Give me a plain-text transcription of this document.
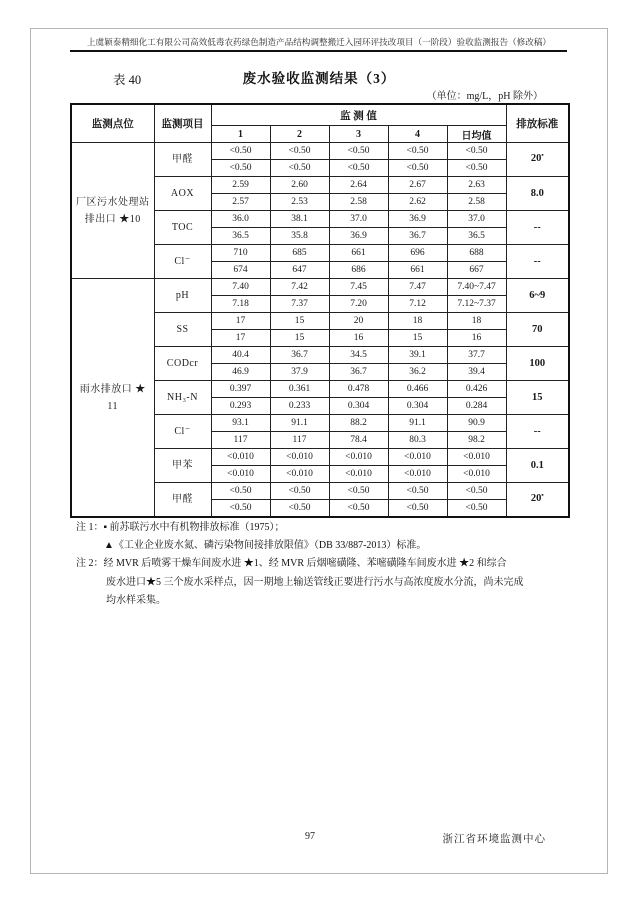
上虞颖泰精细化工有限公司高效低毒农药绿色制造产品结构调整搬迁入园环评技改项目（一阶段）验收监测报告（修改稿）
废水验收监测结果（3）
表 40
（单位：mg/L，pH 除外）
监测点位	监测项目	监 测 值					排放标准
		1	2	3	4	日均值	

厂区污水处理站
排出口 ★10	甲醛	<0.50	<0.50	<0.50	<0.50	<0.50	20▪
		<0.50	<0.50	<0.50	<0.50	<0.50	
	AOX	2.59	2.60	2.64	2.67	2.63	8.0
		2.57	2.53	2.58	2.62	2.58	
	TOC	36.0	38.1	37.0	36.9	37.0	--
		36.5	35.8	36.9	36.7	36.5	
	Cl⁻	710	685	661	696	688	--
		674	647	686	661	667	

雨水排放口 ★
11	pH	7.40	7.42	7.45	7.47	7.40~7.47	6~9
		7.18	7.37	7.20	7.12	7.12~7.37	
	SS	17	15	20	18	18	70
		17	15	16	15	16	
	CODcr	40.4	36.7	34.5	39.1	37.7	100
		46.9	37.9	36.7	36.2	39.4	
	NH₃-N	0.397	0.361	0.478	0.466	0.426	15
		0.293	0.233	0.304	0.304	0.284	
	Cl⁻	93.1	91.1	88.2	91.1	90.9	--
		117	117	78.4	80.3	98.2	
	甲苯	<0.010	<0.010	<0.010	<0.010	<0.010	0.1
		<0.010	<0.010	<0.010	<0.010	<0.010	
	甲醛	<0.50	<0.50	<0.50	<0.50	<0.50	20▪
		<0.50	<0.50	<0.50	<0.50	<0.50	
注 1：▪ 前苏联污水中有机物排放标准（1975）；
▲《工业企业废水氮、磷污染物间接排放限值》（DB 33/887-2013）标准。
注 2：经 MVR 后喷雾干燥车间废水进 ★1、经 MVR 后烟嘧磺隆、苯嘧磺隆车间废水进 ★2 和综合
废水进口★5 三个废水采样点，因一期地上输送管线正要进行污水与高浓度废水分流，尚未完成
均水样采集。
97	浙江省环境监测中心
